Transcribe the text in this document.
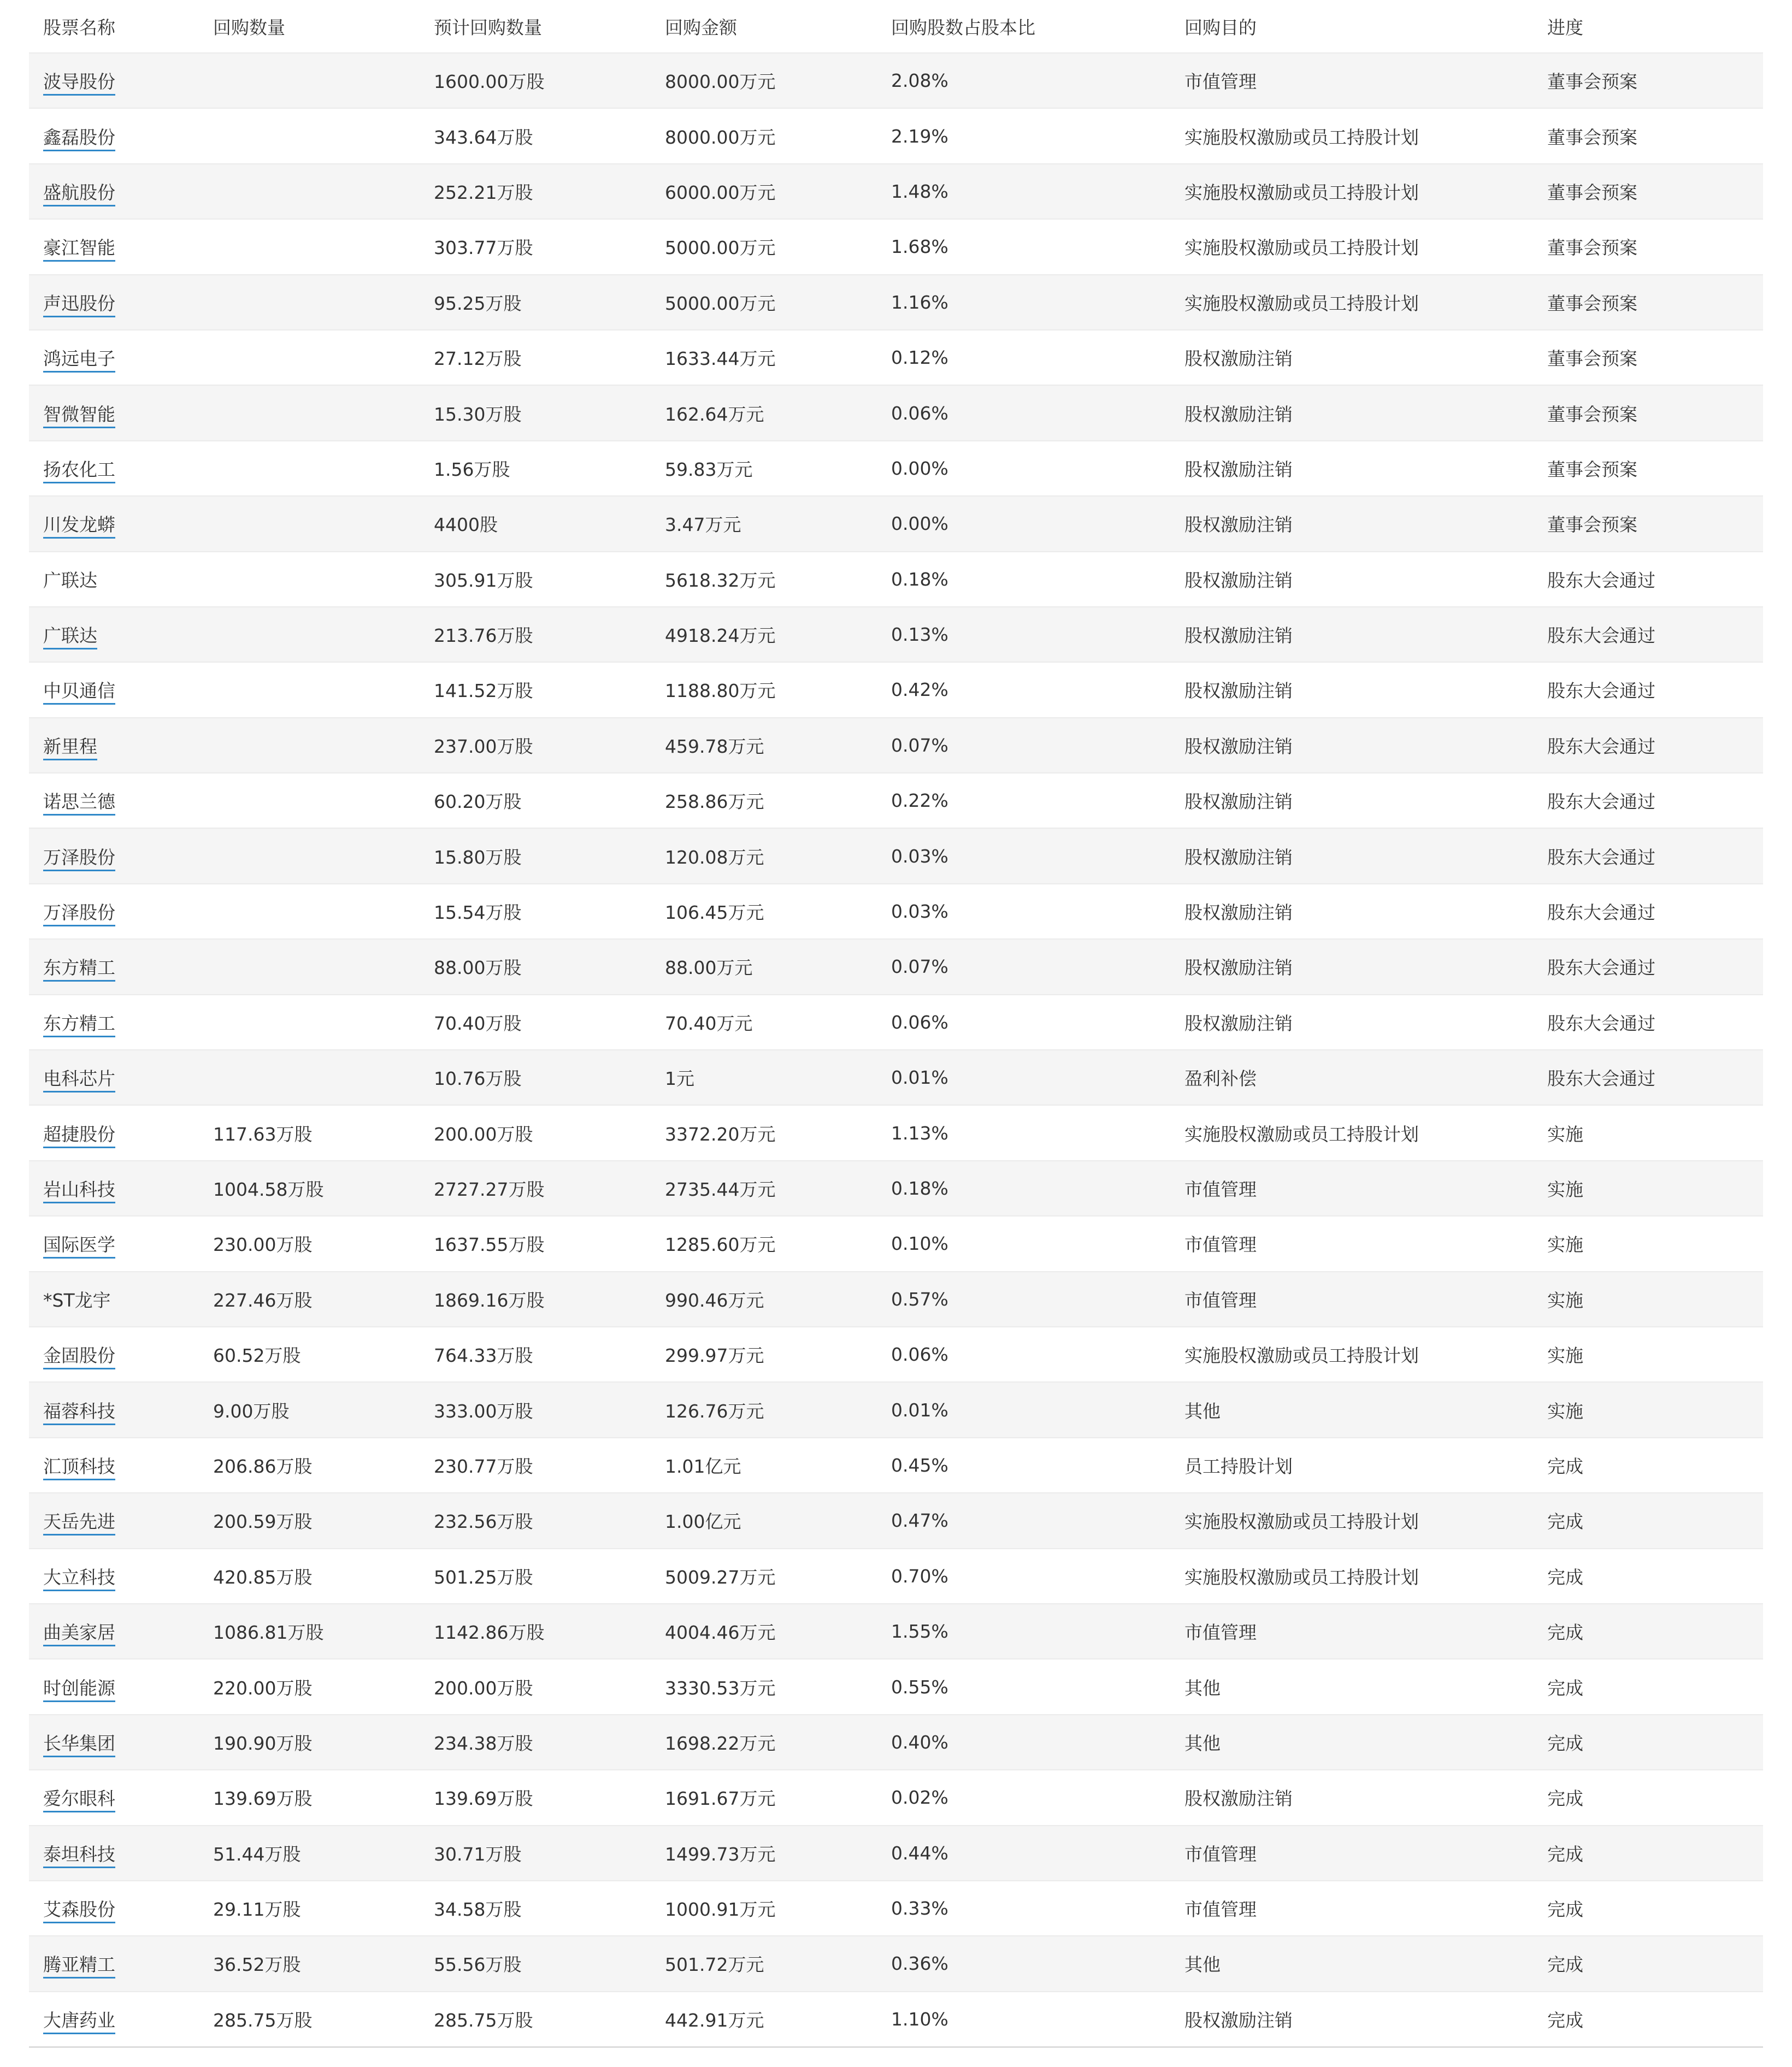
股票名称	回购数量	预计回购数量	回购金额	回购股数占股本比	回购目的	进度
波导股份		1600.00万股	8000.00万元	2.08%	市值管理	董事会预案
鑫磊股份		343.64万股	8000.00万元	2.19%	实施股权激励或员工持股计划	董事会预案
盛航股份		252.21万股	6000.00万元	1.48%	实施股权激励或员工持股计划	董事会预案
豪江智能		303.77万股	5000.00万元	1.68%	实施股权激励或员工持股计划	董事会预案
声迅股份		95.25万股	5000.00万元	1.16%	实施股权激励或员工持股计划	董事会预案
鸿远电子		27.12万股	1633.44万元	0.12%	股权激励注销	董事会预案
智微智能		15.30万股	162.64万元	0.06%	股权激励注销	董事会预案
扬农化工		1.56万股	59.83万元	0.00%	股权激励注销	董事会预案
川发龙蟒		4400股	3.47万元	0.00%	股权激励注销	董事会预案
广联达		305.91万股	5618.32万元	0.18%	股权激励注销	股东大会通过
广联达		213.76万股	4918.24万元	0.13%	股权激励注销	股东大会通过
中贝通信		141.52万股	1188.80万元	0.42%	股权激励注销	股东大会通过
新里程		237.00万股	459.78万元	0.07%	股权激励注销	股东大会通过
诺思兰德		60.20万股	258.86万元	0.22%	股权激励注销	股东大会通过
万泽股份		15.80万股	120.08万元	0.03%	股权激励注销	股东大会通过
万泽股份		15.54万股	106.45万元	0.03%	股权激励注销	股东大会通过
东方精工		88.00万股	88.00万元	0.07%	股权激励注销	股东大会通过
东方精工		70.40万股	70.40万元	0.06%	股权激励注销	股东大会通过
电科芯片		10.76万股	1元	0.01%	盈利补偿	股东大会通过
超捷股份	117.63万股	200.00万股	3372.20万元	1.13%	实施股权激励或员工持股计划	实施
岩山科技	1004.58万股	2727.27万股	2735.44万元	0.18%	市值管理	实施
国际医学	230.00万股	1637.55万股	1285.60万元	0.10%	市值管理	实施
*ST龙宇	227.46万股	1869.16万股	990.46万元	0.57%	市值管理	实施
金固股份	60.52万股	764.33万股	299.97万元	0.06%	实施股权激励或员工持股计划	实施
福蓉科技	9.00万股	333.00万股	126.76万元	0.01%	其他	实施
汇顶科技	206.86万股	230.77万股	1.01亿元	0.45%	员工持股计划	完成
天岳先进	200.59万股	232.56万股	1.00亿元	0.47%	实施股权激励或员工持股计划	完成
大立科技	420.85万股	501.25万股	5009.27万元	0.70%	实施股权激励或员工持股计划	完成
曲美家居	1086.81万股	1142.86万股	4004.46万元	1.55%	市值管理	完成
时创能源	220.00万股	200.00万股	3330.53万元	0.55%	其他	完成
长华集团	190.90万股	234.38万股	1698.22万元	0.40%	其他	完成
爱尔眼科	139.69万股	139.69万股	1691.67万元	0.02%	股权激励注销	完成
泰坦科技	51.44万股	30.71万股	1499.73万元	0.44%	市值管理	完成
艾森股份	29.11万股	34.58万股	1000.91万元	0.33%	市值管理	完成
腾亚精工	36.52万股	55.56万股	501.72万元	0.36%	其他	完成
大唐药业	285.75万股	285.75万股	442.91万元	1.10%	股权激励注销	完成
